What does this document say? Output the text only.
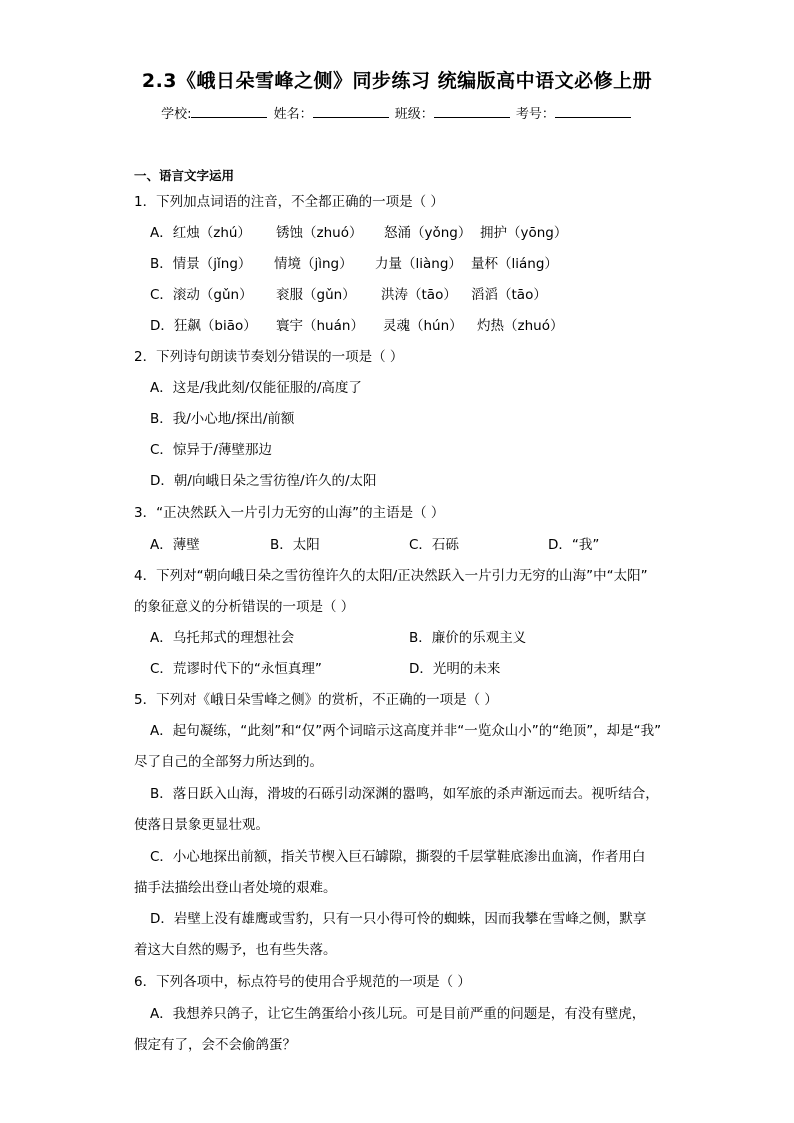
2.3《峨日朵雪峰之侧》同步练习 统编版高中语文必修上册
学校:	姓名：	班级：	考号：
一、语言文字运用
1．下列加点词语的注音，不全都正确的一项是（ ）
A．红烛（zhú） 锈蚀（zhuó） 怒涌（yǒng） 拥护（yōng）
B．情景（jǐng） 情境（jìng） 力量（liàng） 量杯（liáng）
C．滚动（gǔn） 衮服（gǔn） 洪涛（tāo） 滔滔（tāo）
D．狂飙（biāo） 寰宇（huán） 灵魂（hún） 灼热（zhuó）
2．下列诗句朗读节奏划分错误的一项是（ ）
A．这是/我此刻/仅能征服的/高度了
B．我/小心地/探出/前额
C．惊异于/薄壁那边
D．朝/向峨日朵之雪彷徨/许久的/太阳
3．“正决然跃入一片引力无穷的山海”的主语是（ ）
A．薄壁	B．太阳	C．石砾	D．“我”
4．下列对“朝向峨日朵之雪彷徨许久的太阳/正决然跃入一片引力无穷的山海”中“太阳”
的象征意义的分析错误的一项是（ ）
A．乌托邦式的理想社会	B．廉价的乐观主义
C．荒谬时代下的“永恒真理”	D．光明的未来
5．下列对《峨日朵雪峰之侧》的赏析，不正确的一项是（ ）
A．起句凝练，“此刻”和“仅”两个词暗示这高度并非“一览众山小”的“绝顶”，却是“我”
尽了自己的全部努力所达到的。
B．落日跃入山海，滑坡的石砾引动深渊的嚣鸣，如军旅的杀声渐远而去。视听结合，
使落日景象更显壮观。
C．小心地探出前额，指关节楔入巨石罅隙，撕裂的千层掌鞋底渗出血滴，作者用白
描手法描绘出登山者处境的艰难。
D．岩壁上没有雄鹰或雪豹，只有一只小得可怜的蜘蛛，因而我攀在雪峰之侧，默享
着这大自然的赐予，也有些失落。
6．下列各项中，标点符号的使用合乎规范的一项是（ ）
A．我想养只鸽子，让它生鸽蛋给小孩儿玩。可是目前严重的问题是，有没有壁虎，
假定有了，会不会偷鸽蛋？
